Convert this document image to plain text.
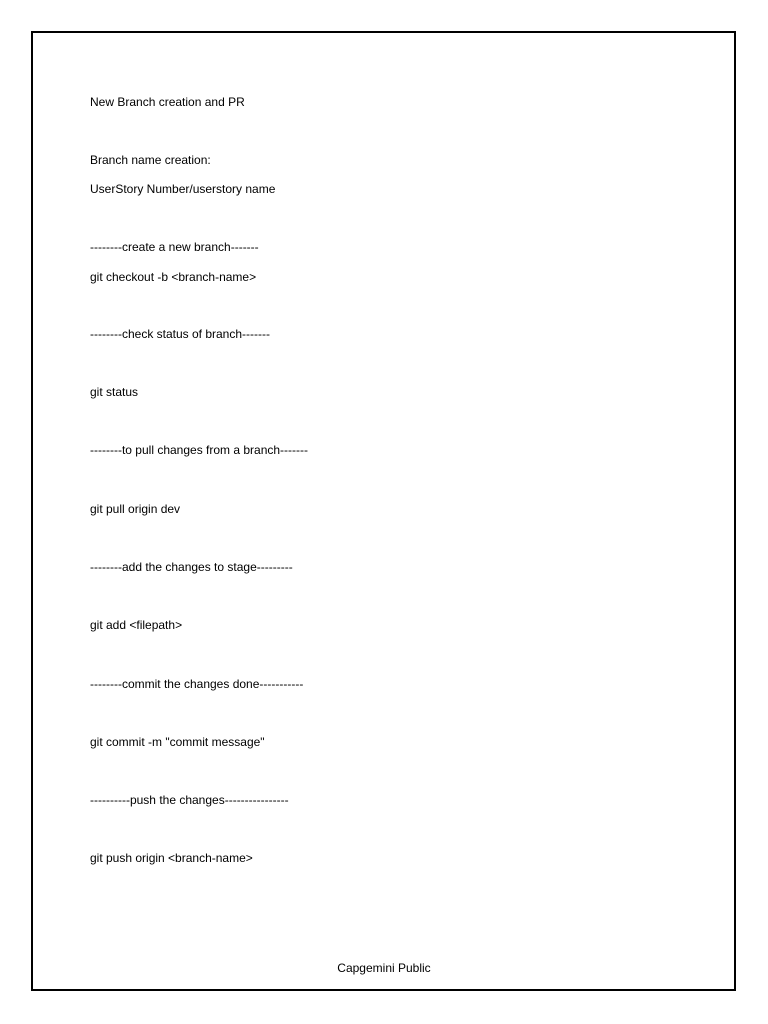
New Branch creation and PR
Branch name creation:
UserStory Number/userstory name
--------create a new branch-------
git checkout -b <branch-name>
--------check status of branch-------
git status
--------to pull changes from a branch-------
git pull origin dev
--------add the changes to stage---------
git add <filepath>
--------commit the changes done-----------
git commit -m "commit message"
----------push the changes----------------
git push origin <branch-name>
Capgemini Public
